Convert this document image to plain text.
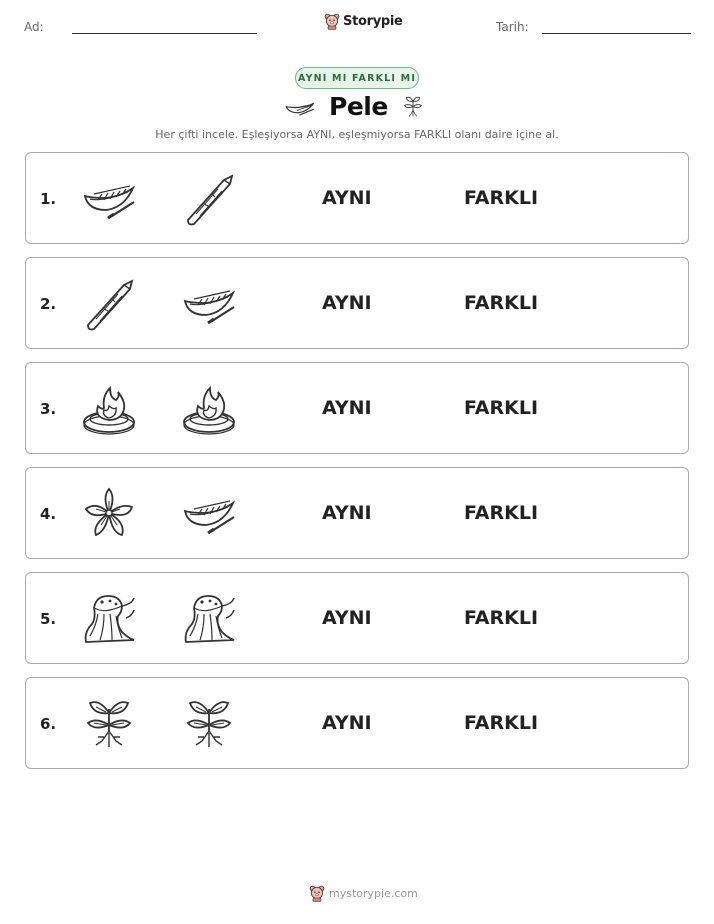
Ad:	Storypie	Tarih:
AYNI MI FARKLI MI
Pele
Her çifti incele. Eşleşiyorsa AYNI, eşleşmiyorsa FARKLI olanı daire içine al.
1.	AYNI	FARKLI
2.	AYNI	FARKLI
3.	AYNI	FARKLI
4.	AYNI	FARKLI
5.	AYNI	FARKLI
6.	AYNI	FARKLI
mystorypie.com
